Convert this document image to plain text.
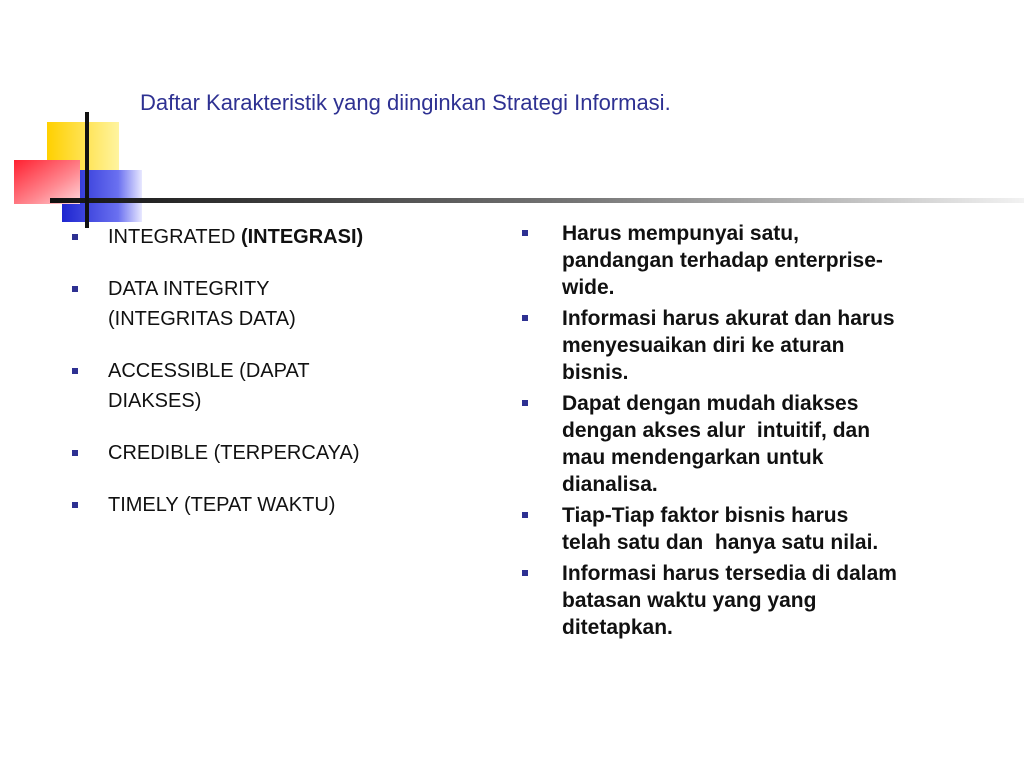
Daftar Karakteristik yang diinginkan Strategi Informasi.
INTEGRATED (INTEGRASI)
DATA INTEGRITY
(INTEGRITAS DATA)
ACCESSIBLE (DAPAT
DIAKSES)
CREDIBLE (TERPERCAYA)
TIMELY (TEPAT WAKTU)
Harus mempunyai satu,
pandangan terhadap enterprise-
wide.
Informasi harus akurat dan harus
menyesuaikan diri ke aturan
bisnis.
Dapat dengan mudah diakses
dengan akses alur  intuitif, dan
mau mendengarkan untuk
dianalisa.
Tiap-Tiap faktor bisnis harus
telah satu dan  hanya satu nilai.
Informasi harus tersedia di dalam
batasan waktu yang yang
ditetapkan.
